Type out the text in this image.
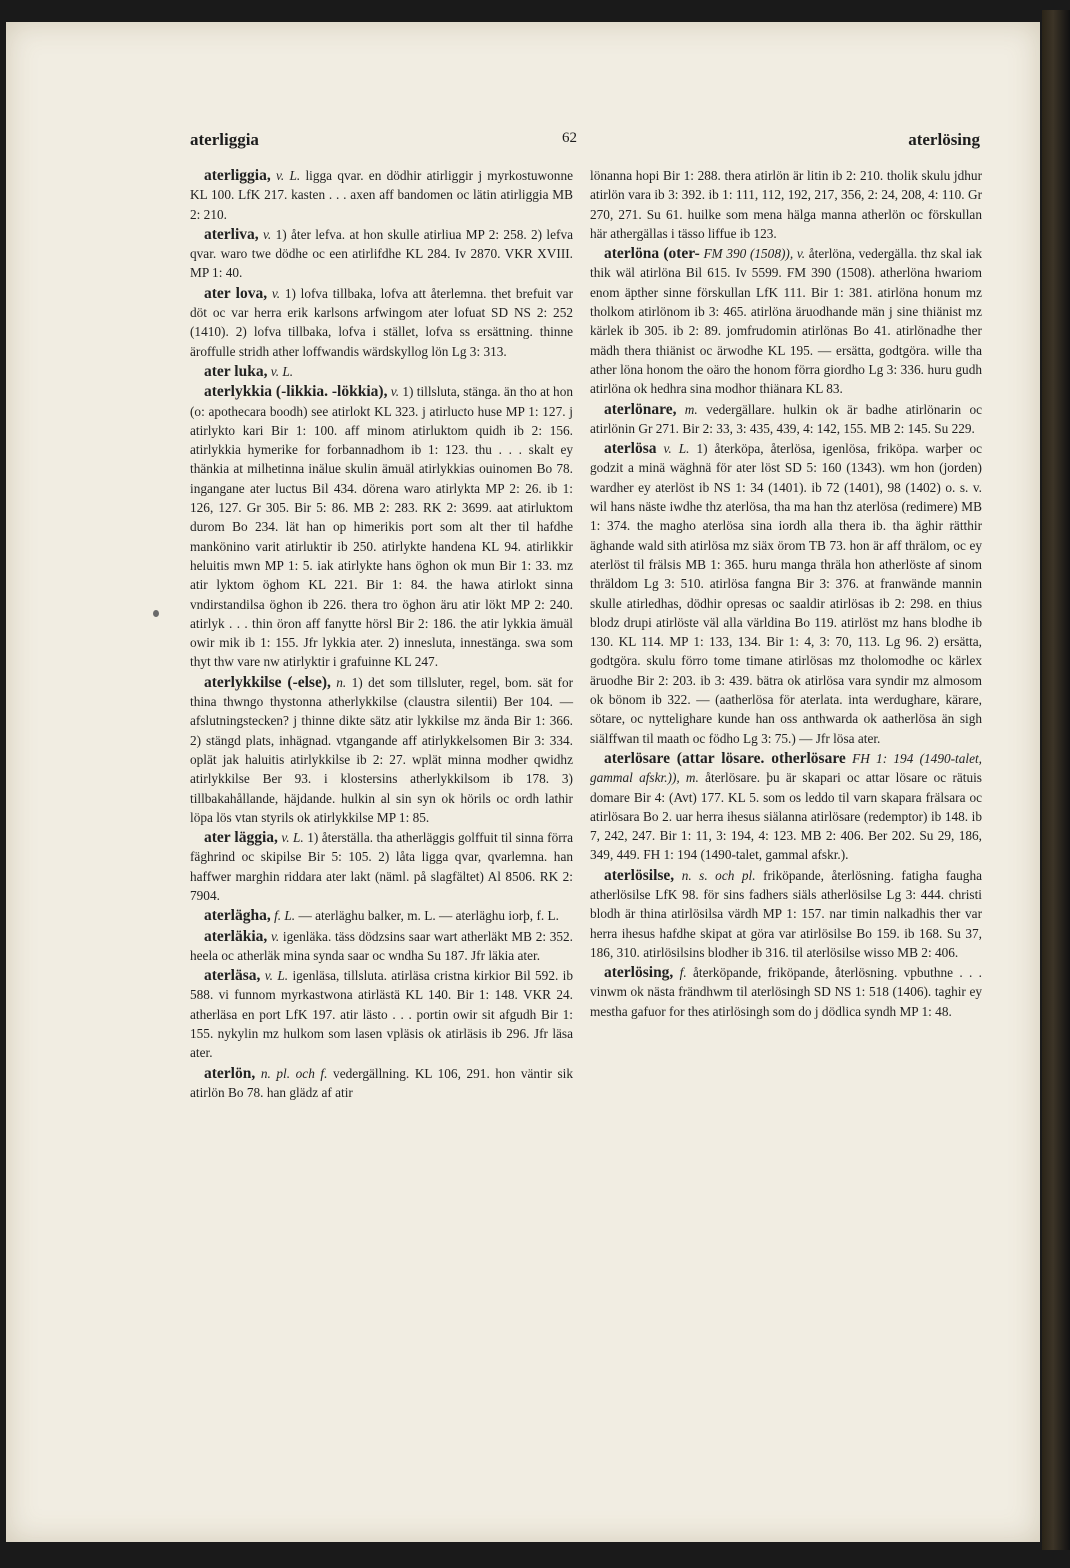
aterliggia	62	aterlösing

aterliggia, v. L. ligga qvar. en dödhir atirliggir j myrkostuwonne KL 100. LfK 217. kasten . . . axen aff bandomen oc lätin atirliggia MB 2: 210.

aterliva, v. 1) åter lefva. at hon skulle atirliua MP 2: 258. 2) lefva qvar. waro twe dödhe oc een atirlifdhe KL 284. Iv 2870. VKR XVIII. MP 1: 40.

ater lova, v. 1) lofva tillbaka, lofva att återlemna. thet brefuit var döt oc var herra erik karlsons arfwingom ater lofuat SD NS 2: 252 (1410). 2) lofva tillbaka, lofva i stället, lofva ss ersättning. thinne äroffulle stridh ather loffwandis wärdskyllog lön Lg 3: 313.

ater luka, v. L.

aterlykkia (-likkia. -lökkia), v. 1) tillsluta, stänga. än tho at hon (o: apothecara boodh) see atirlokt KL 323. j atirlucto huse MP 1: 127. j atirlykto kari Bir 1: 100. aff minom atirluktom quidh ib 2: 156. atirlykkia hymerike for forbannadhom ib 1: 123. thu . . . skalt ey thänkia at milhetinna inälue skulin ämuäl atirlykkias ouinomen Bo 78. ingangane ater luctus Bil 434. dörena waro atirlykta MP 2: 26. ib 1: 126, 127. Gr 305. Bir 5: 86. MB 2: 283. RK 2: 3699. aat atirluktom durom Bo 234. lät han op himerikis port som alt ther til hafdhe mankönino varit atirluktir ib 250. atirlykte handena KL 94. atirlikkir heluitis mwn MP 1: 5. iak atirlykte hans öghon ok mun Bir 1: 33. mz atir lyktom öghom KL 221. Bir 1: 84. the hawa atirlokt sinna vndirstandilsa öghon ib 226. thera tro öghon äru atir lökt MP 2: 240. atirlyk . . . thin öron aff fanytte hörsl Bir 2: 186. the atir lykkia ämuäl owir mik ib 1: 155. Jfr lykkia ater. 2) innesluta, innestänga. swa som thyt thw vare nw atirlyktir i grafuinne KL 247.

aterlykkilse (-else), n. 1) det som tillsluter, regel, bom. sät for thina thwngo thystonna atherlykkilse (claustra silentii) Ber 104. — afslutningstecken? j thinne dikte sätz atir lykkilse mz ända Bir 1: 366. 2) stängd plats, inhägnad. vtgangande aff atirlykkelsomen Bir 3: 334. oplät jak haluitis atirlykkilse ib 2: 27. wplät minna modher qwidhz atirlykkilse Ber 93. i klostersins atherlykkilsom ib 178. 3) tillbakahållande, häjdande. hulkin al sin syn ok hörils oc ordh lathir löpa lös vtan styrils ok atirlykkilse MP 1: 85.

ater läggia, v. L. 1) återställa. tha atherläggis golffuit til sinna förra fäghrind oc skipilse Bir 5: 105. 2) låta ligga qvar, qvarlemna. han haffwer marghin riddara ater lakt (näml. på slagfältet) Al 8506. RK 2: 7904.

aterlägha, f. L. — aterläghu balker, m. L. — aterläghu iorþ, f. L.

aterläkia, v. igenläka. täss dödzsins saar wart atherläkt MB 2: 352. heela oc atherläk mina synda saar oc wndha Su 187. Jfr läkia ater.

aterläsa, v. L. igenläsa, tillsluta. atirläsa cristna kirkior Bil 592. ib 588. vi funnom myrkastwona atirlästä KL 140. Bir 1: 148. VKR 24. atherläsa en port LfK 197. atir lästo . . . portin owir sit afgudh Bir 1: 155. nykylin mz hulkom som lasen vpläsis ok atirläsis ib 296. Jfr läsa ater.

aterlön, n. pl. och f. vedergällning. KL 106, 291. hon väntir sik atirlön Bo 78. han glädz af atir

lönanna hopi Bir 1: 288. thera atirlön är litin ib 2: 210. tholik skulu jdhur atirlön vara ib 3: 392. ib 1: 111, 112, 192, 217, 356, 2: 24, 208, 4: 110. Gr 270, 271. Su 61. huilke som mena hälga manna atherlön oc förskullan här athergällas i tässo liffue ib 123.

aterlöna (oter- FM 390 (1508)), v. återlöna, vedergälla. thz skal iak thik wäl atirlöna Bil 615. Iv 5599. FM 390 (1508). atherlöna hwariom enom äpther sinne förskullan LfK 111. Bir 1: 381. atirlöna honum mz tholkom atirlönom ib 3: 465. atirlöna äruodhande män j sine thiänist mz kärlek ib 305. ib 2: 89. jomfrudomin atirlönas Bo 41. atirlönadhe ther mädh thera thiänist oc ärwodhe KL 195. — ersätta, godtgöra. wille tha ather löna honom the oäro the honom förra giordho Lg 3: 336. huru gudh atirlöna ok hedhra sina modhor thiänara KL 83.

aterlönare, m. vedergällare. hulkin ok är badhe atirlönarin oc atirlönin Gr 271. Bir 2: 33, 3: 435, 439, 4: 142, 155. MB 2: 145. Su 229.

aterlösa v. L. 1) återköpa, återlösa, igenlösa, friköpa. warþer oc godzit a minä wäghnä för ater löst SD 5: 160 (1343). wm hon (jorden) wardher ey aterlöst ib NS 1: 34 (1401). ib 72 (1401), 98 (1402) o. s. v. wil hans näste iwdhe thz aterlösa, tha ma han thz aterlösa (redimere) MB 1: 374. the magho aterlösa sina iordh alla thera ib. tha äghir rätthir äghande wald sith atirlösa mz siäx örom TB 73. hon är aff thrälom, oc ey aterlöst til frälsis MB 1: 365. huru manga thräla hon atherlöste af sinom thräldom Lg 3: 510. atirlösa fangna Bir 3: 376. at franwände mannin skulle atirledhas, dödhir opresas oc saaldir atirlösas ib 2: 298. en thius blodz drupi atirlöste väl alla världina Bo 119. atirlöst mz hans blodhe ib 130. KL 114. MP 1: 133, 134. Bir 1: 4, 3: 70, 113. Lg 96. 2) ersätta, godtgöra. skulu förro tome timane atirlösas mz tholomodhe oc kärlex äruodhe Bir 2: 203. ib 3: 439. bätra ok atirlösa vara syndir mz almosom ok bönom ib 322. — (aatherlösa för aterlata. inta werdughare, kärare, sötare, oc nyttelighare kunde han oss anthwarda ok aatherlösa än sigh siälffwan til maath oc födho Lg 3: 75.) — Jfr lösa ater.

aterlösare (attar lösare. otherlösare FH 1: 194 (1490-talet, gammal afskr.)), m. återlösare. þu är skapari oc attar lösare oc rätuis domare Bir 4: (Avt) 177. KL 5. som os leddo til varn skapara frälsara oc atirlösara Bo 2. uar herra ihesus siälanna atirlösare (redemptor) ib 148. ib 7, 242, 247. Bir 1: 11, 3: 194, 4: 123. MB 2: 406. Ber 202. Su 29, 186, 349, 449. FH 1: 194 (1490-talet, gammal afskr.).

aterlösilse, n. s. och pl. friköpande, återlösning. fatigha faugha atherlösilse LfK 98. för sins fadhers siäls atherlösilse Lg 3: 444. christi blodh är thina atirlösilsa värdh MP 1: 157. nar timin nalkadhis ther var herra ihesus hafdhe skipat at göra var atirlösilse Bo 159. ib 168. Su 37, 186, 310. atirlösilsins blodher ib 316. til aterlösilse wisso MB 2: 406.

aterlösing, f. återköpande, friköpande, återlösning. vpbuthne . . . vinwm ok nästa frändhwm til aterlösingh SD NS 1: 518 (1406). taghir ey mestha gafuor for thes atirlösingh som do j dödlica syndh MP 1: 48.
